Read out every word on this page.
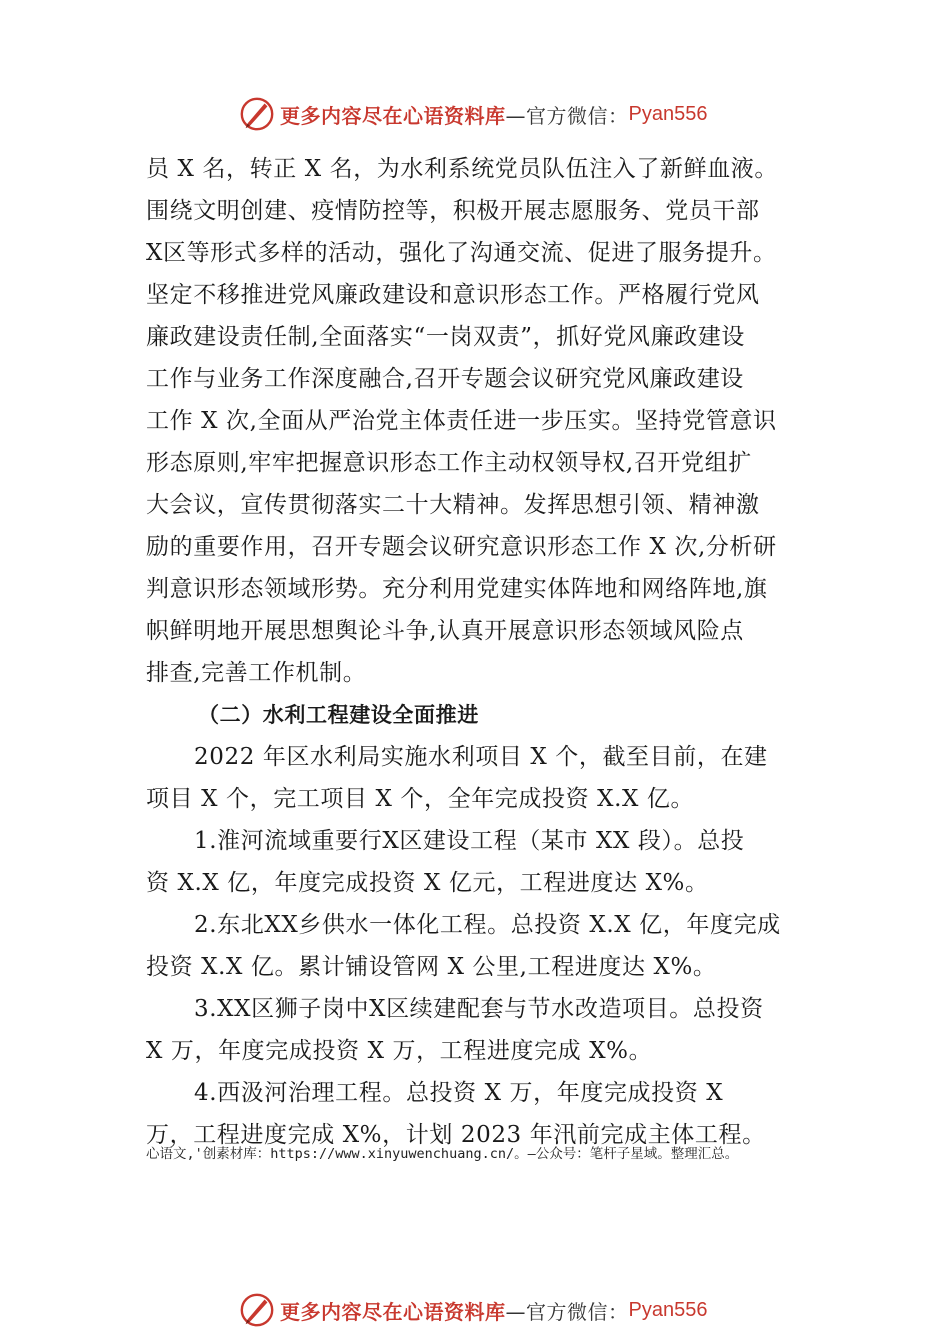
更多内容尽在心语资料库 —官方微信： Pyan556
员 X 名，转正 X 名，为水利系统党员队伍注入了新鲜血液。
围绕文明创建、疫情防控等，积极开展志愿服务、党员干部
X区等形式多样的活动，强化了沟通交流、促进了服务提升。
坚定不移推进党风廉政建设和意识形态工作。严格履行党风
廉政建设责任制,全面落实“一岗双责”，抓好党风廉政建设
工作与业务工作深度融合,召开专题会议研究党风廉政建设
工作 X 次,全面从严治党主体责任进一步压实。坚持党管意识
形态原则,牢牢把握意识形态工作主动权领导权,召开党组扩
大会议，宣传贯彻落实二十大精神。发挥思想引领、精神激
励的重要作用，召开专题会议研究意识形态工作 X 次,分析研
判意识形态领域形势。充分利用党建实体阵地和网络阵地,旗
帜鲜明地开展思想舆论斗争,认真开展意识形态领域风险点
排查,完善工作机制。
（二）水利工程建设全面推进
2022 年区水利局实施水利项目 X 个，截至目前，在建
项目 X 个，完工项目 X 个，全年完成投资 X.X 亿。
1.淮河流域重要行X区建设工程（某市 XX 段）。总投
资 X.X 亿，年度完成投资 X 亿元，工程进度达 X%。
2.东北XX乡供水一体化工程。总投资 X.X 亿，年度完成
投资 X.X 亿。累计铺设管网 X 公里,工程进度达 X%。
3.XX区狮子岗中X区续建配套与节水改造项目。总投资
X 万，年度完成投资 X 万，工程进度完成 X%。
4.西汲河治理工程。总投资 X 万，年度完成投资 X
万，工程进度完成 X%，计划 2023 年汛前完成主体工程。
心语文,'创素材库：https://www.xinyuwenchuang.cn/。—公众号：笔杆子星域。整理汇总。
更多内容尽在心语资料库 —官方微信： Pyan556
